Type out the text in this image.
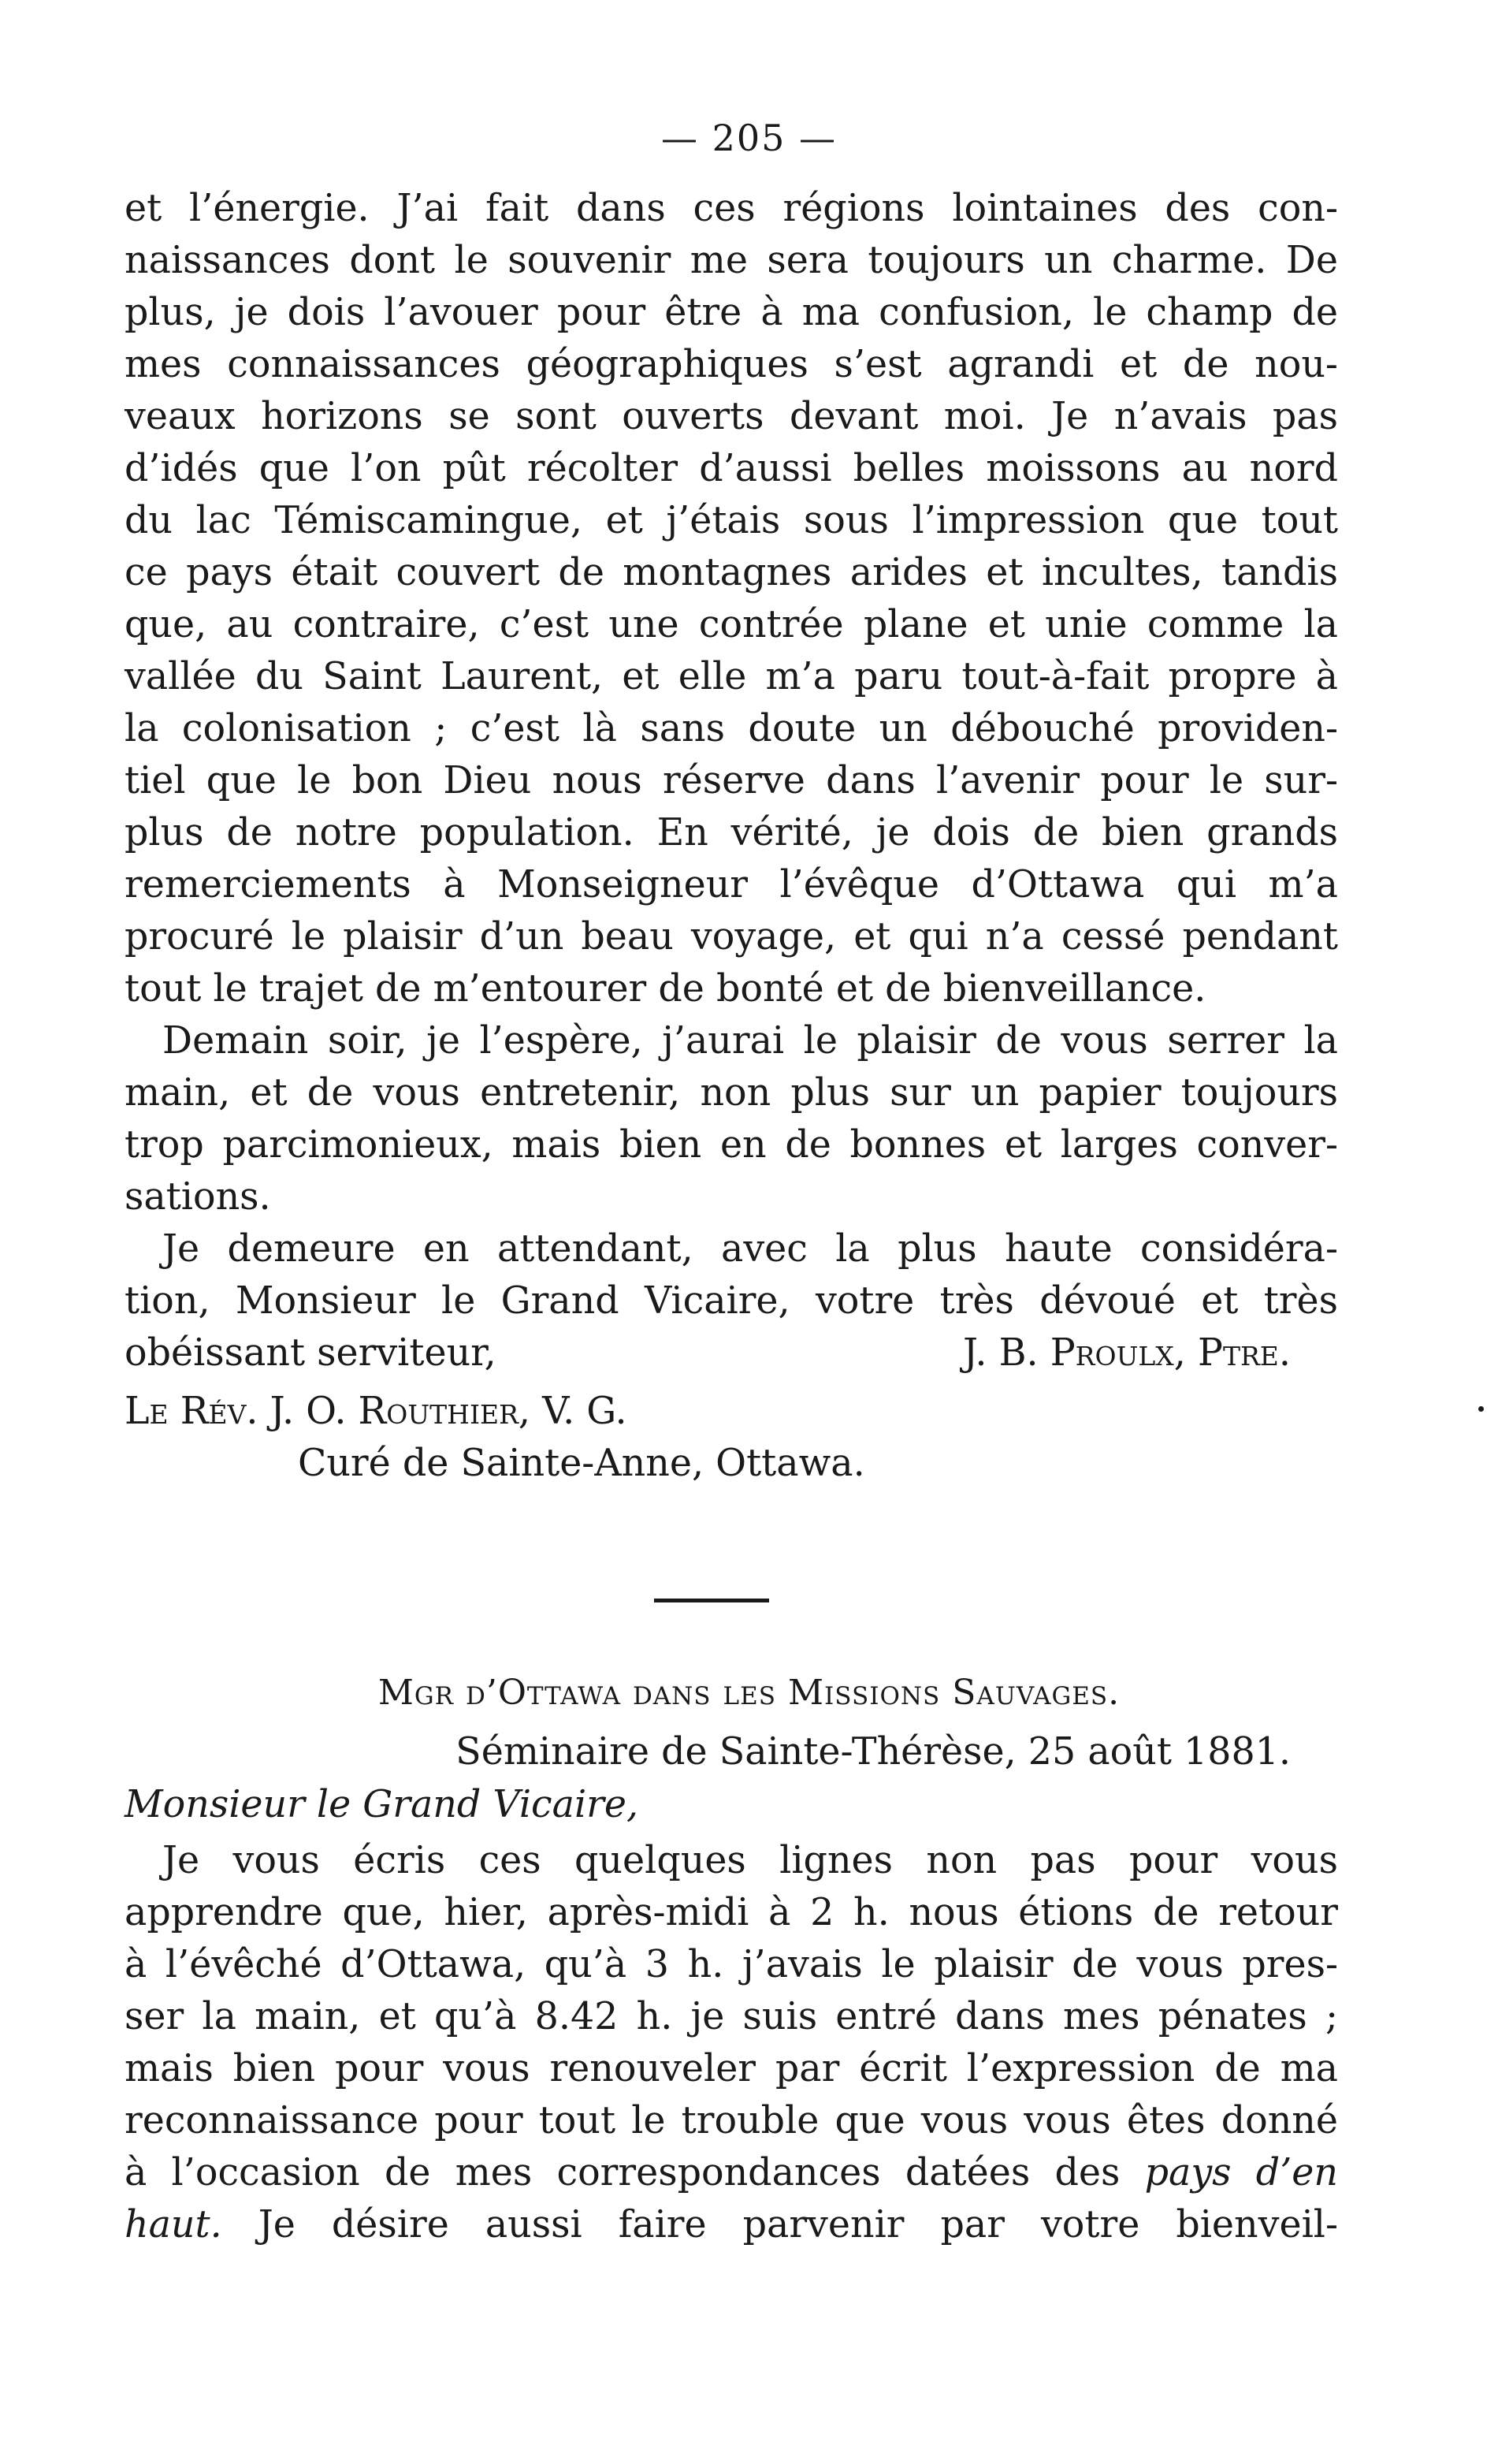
— 205 —
et l’énergie. J’ai fait dans ces régions lointaines des con-
naissances dont le souvenir me sera toujours un charme. De
plus, je dois l’avouer pour être à ma confusion, le champ de
mes connaissances géographiques s’est agrandi et de nou-
veaux horizons se sont ouverts devant moi. Je n’avais pas
d’idés que l’on pût récolter d’aussi belles moissons au nord
du lac Témiscamingue, et j’étais sous l’impression que tout
ce pays était couvert de montagnes arides et incultes, tandis
que, au contraire, c’est une contrée plane et unie comme la
vallée du Saint Laurent, et elle m’a paru tout-à-fait propre à
la colonisation ; c’est là sans doute un débouché providen-
tiel que le bon Dieu nous réserve dans l’avenir pour le sur-
plus de notre population. En vérité, je dois de bien grands
remerciements à Monseigneur l’évêque d’Ottawa qui m’a
procuré le plaisir d’un beau voyage, et qui n’a cessé pendant
tout le trajet de m’entourer de bonté et de bienveillance.
Demain soir, je l’espère, j’aurai le plaisir de vous serrer la
main, et de vous entretenir, non plus sur un papier toujours
trop parcimonieux, mais bien en de bonnes et larges conver-
sations.
Je demeure en attendant, avec la plus haute considéra-
tion, Monsieur le Grand Vicaire, votre très dévoué et très
obéissant serviteur,	J. B. Proulx, Ptre.
Le Rév. J. O. Routhier, V. G.
Curé de Sainte-Anne, Ottawa.
Mgr d’Ottawa dans les Missions Sauvages.
Séminaire de Sainte-Thérèse, 25 août 1881.
Monsieur le Grand Vicaire,
Je vous écris ces quelques lignes non pas pour vous
apprendre que, hier, après-midi à 2 h. nous étions de retour
à l’évêché d’Ottawa, qu’à 3 h. j’avais le plaisir de vous pres-
ser la main, et qu’à 8.42 h. je suis entré dans mes pénates ;
mais bien pour vous renouveler par écrit l’expression de ma
reconnaissance pour tout le trouble que vous vous êtes donné
à l’occasion de mes correspondances datées des pays d’en
haut. Je désire aussi faire parvenir par votre bienveil-
